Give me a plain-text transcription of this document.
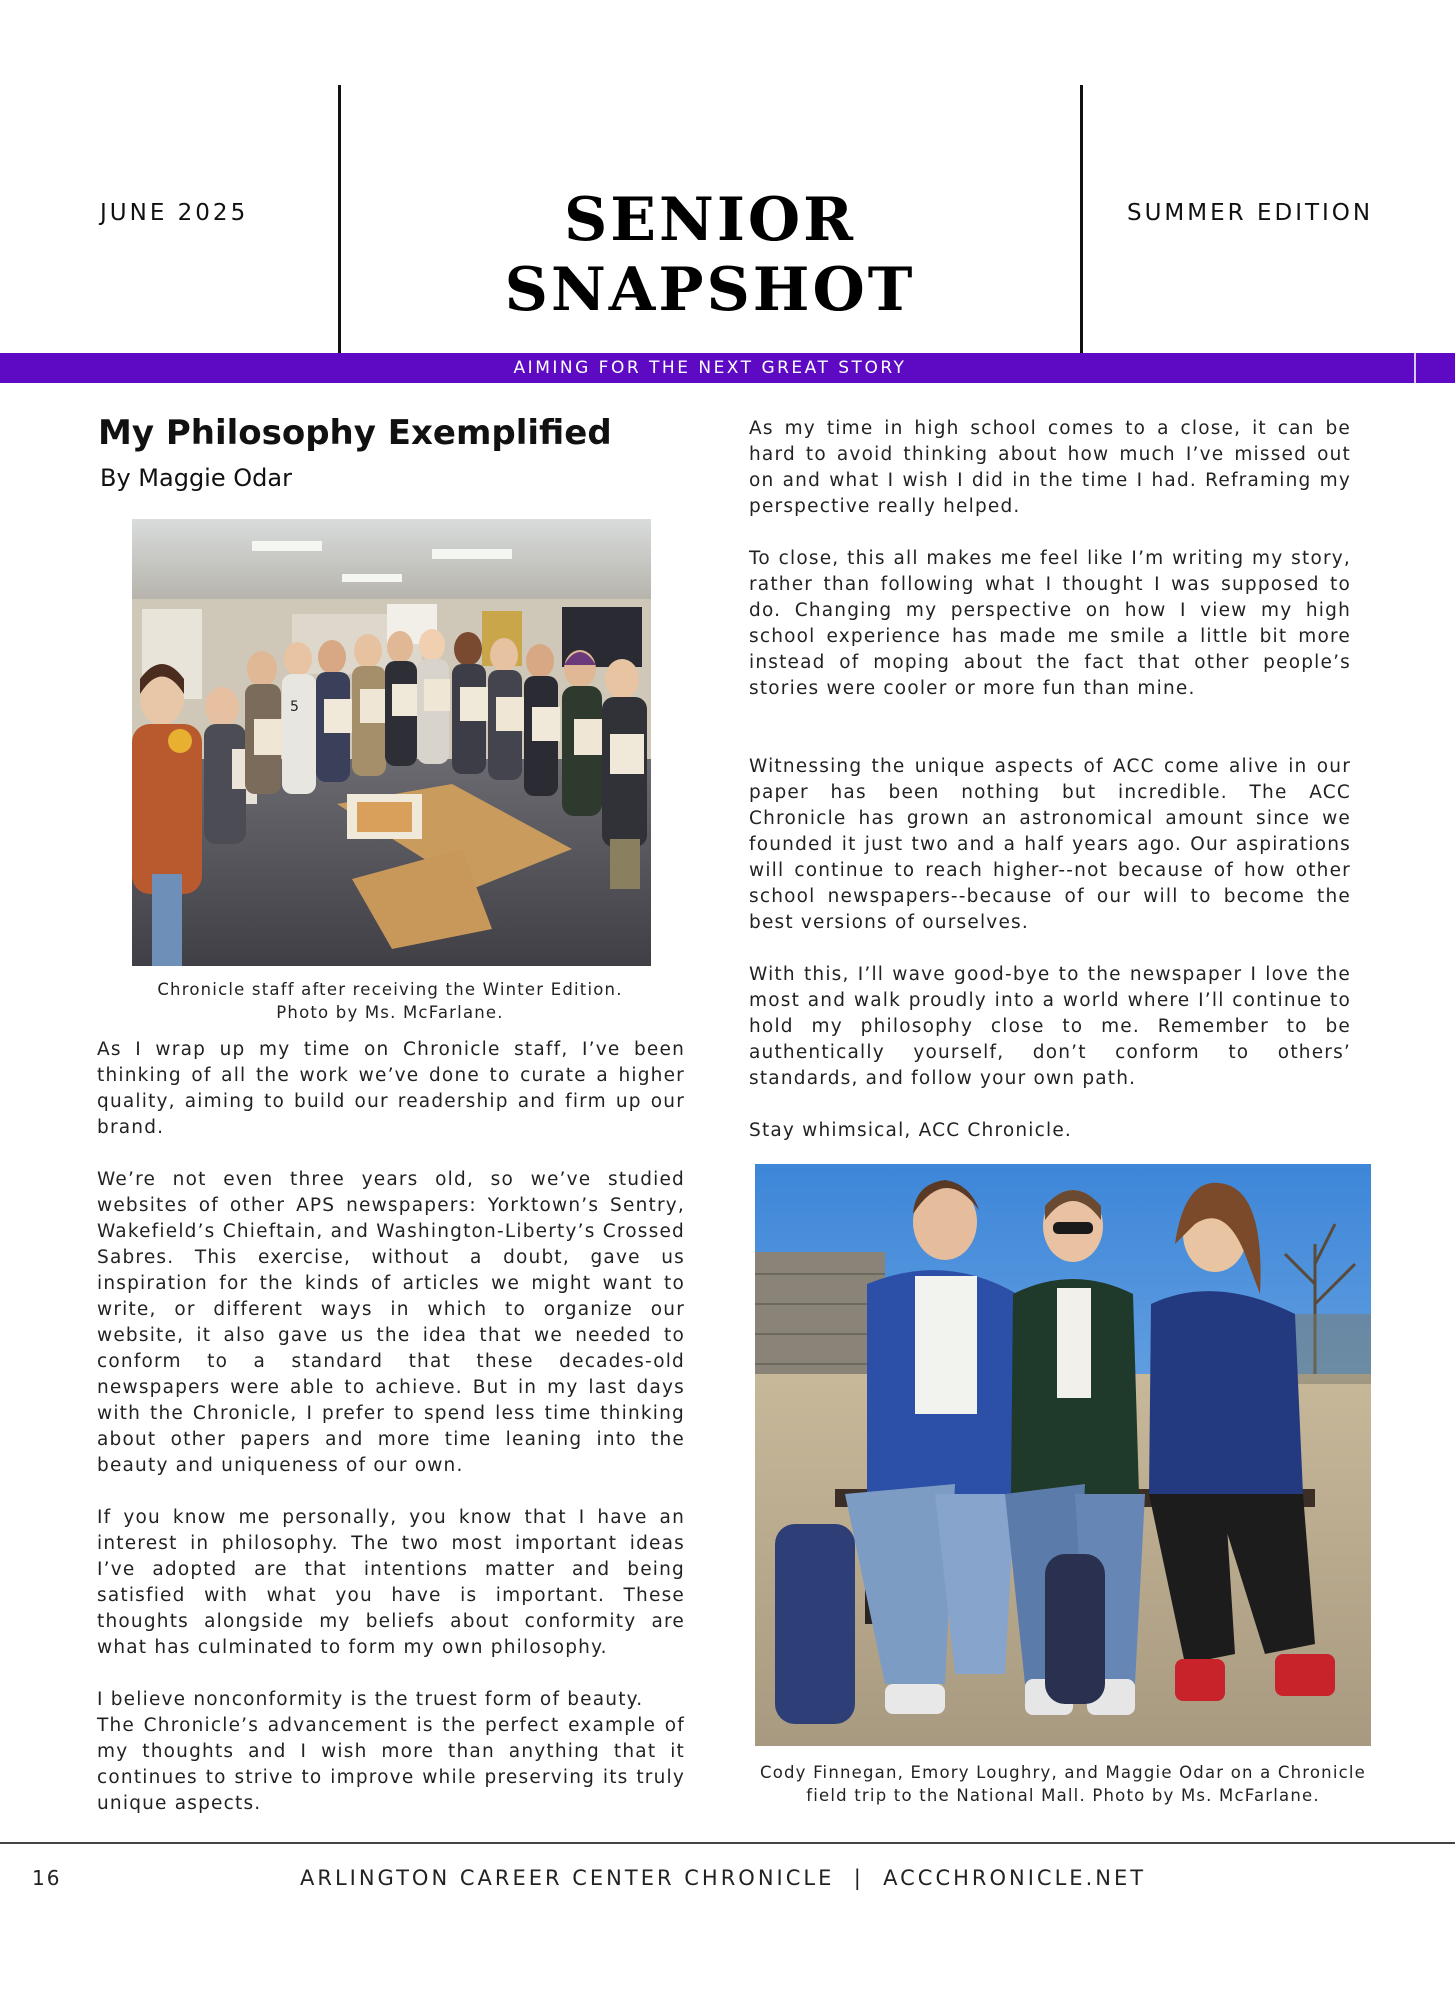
JUNE 2025	SENIOR SNAPSHOT
SUMMER EDITION
AIMING FOR THE NEXT GREAT STORY
My Philosophy Exemplified
By Maggie Odar
5
Chronicle staff after receiving the Winter Edition.
Photo by Ms. McFarlane.

As I wrap up my time on Chronicle staff, I’ve been thinking of all the work we’ve done to curate a higher quality, aiming to build our readership and firm up our brand.

We’re not even three years old, so we’ve studied websites of other APS newspapers: Yorktown’s Sentry, Wakefield’s Chieftain, and Washington-Liberty’s Crossed Sabres. This exercise, without a doubt, gave us inspiration for the kinds of articles we might want to write, or different ways in which to organize our website, it also gave us the idea that we needed to conform to a standard that these decades-old newspapers were able to achieve. But in my last days with the Chronicle, I prefer to spend less time thinking about other papers and more time leaning into the beauty and uniqueness of our own.

If you know me personally, you know that I have an interest in philosophy. The two most important ideas I’ve adopted are that intentions matter and being satisfied with what you have is important. These thoughts alongside my beliefs about conformity are what has culminated to form my own philosophy.

I believe nonconformity is the truest form of beauty.

The Chronicle’s advancement is the perfect example of my thoughts and I wish more than anything that it continues to strive to improve while preserving its truly unique aspects.

As my time in high school comes to a close, it can be hard to avoid thinking about how much I’ve missed out on and what I wish I did in the time I had. Reframing my perspective really helped.

To close, this all makes me feel like I’m writing my story, rather than following what I thought I was supposed to do. Changing my perspective on how I view my high school experience has made me smile a little bit more instead of moping about the fact that other people’s stories were cooler or more fun than mine.

Witnessing the unique aspects of ACC come alive in our paper has been nothing but incredible. The ACC Chronicle has grown an astronomical amount since we founded it just two and a half years ago. Our aspirations will continue to reach higher--not because of how other school newspapers--because of our will to become the best versions of ourselves.

With this, I’ll wave good-bye to the newspaper I love the most and walk proudly into a world where I’ll continue to hold my philosophy close to me. Remember to be authentically yourself, don’t conform to others’ standards, and follow your own path.

Stay whimsical, ACC Chronicle.

Cody Finnegan, Emory Loughry, and Maggie Odar on a Chronicle
field trip to the National Mall. Photo by Ms. McFarlane.
16	ARLINGTON CAREER CENTER CHRONICLE  |  ACCCHRONICLE.NET
